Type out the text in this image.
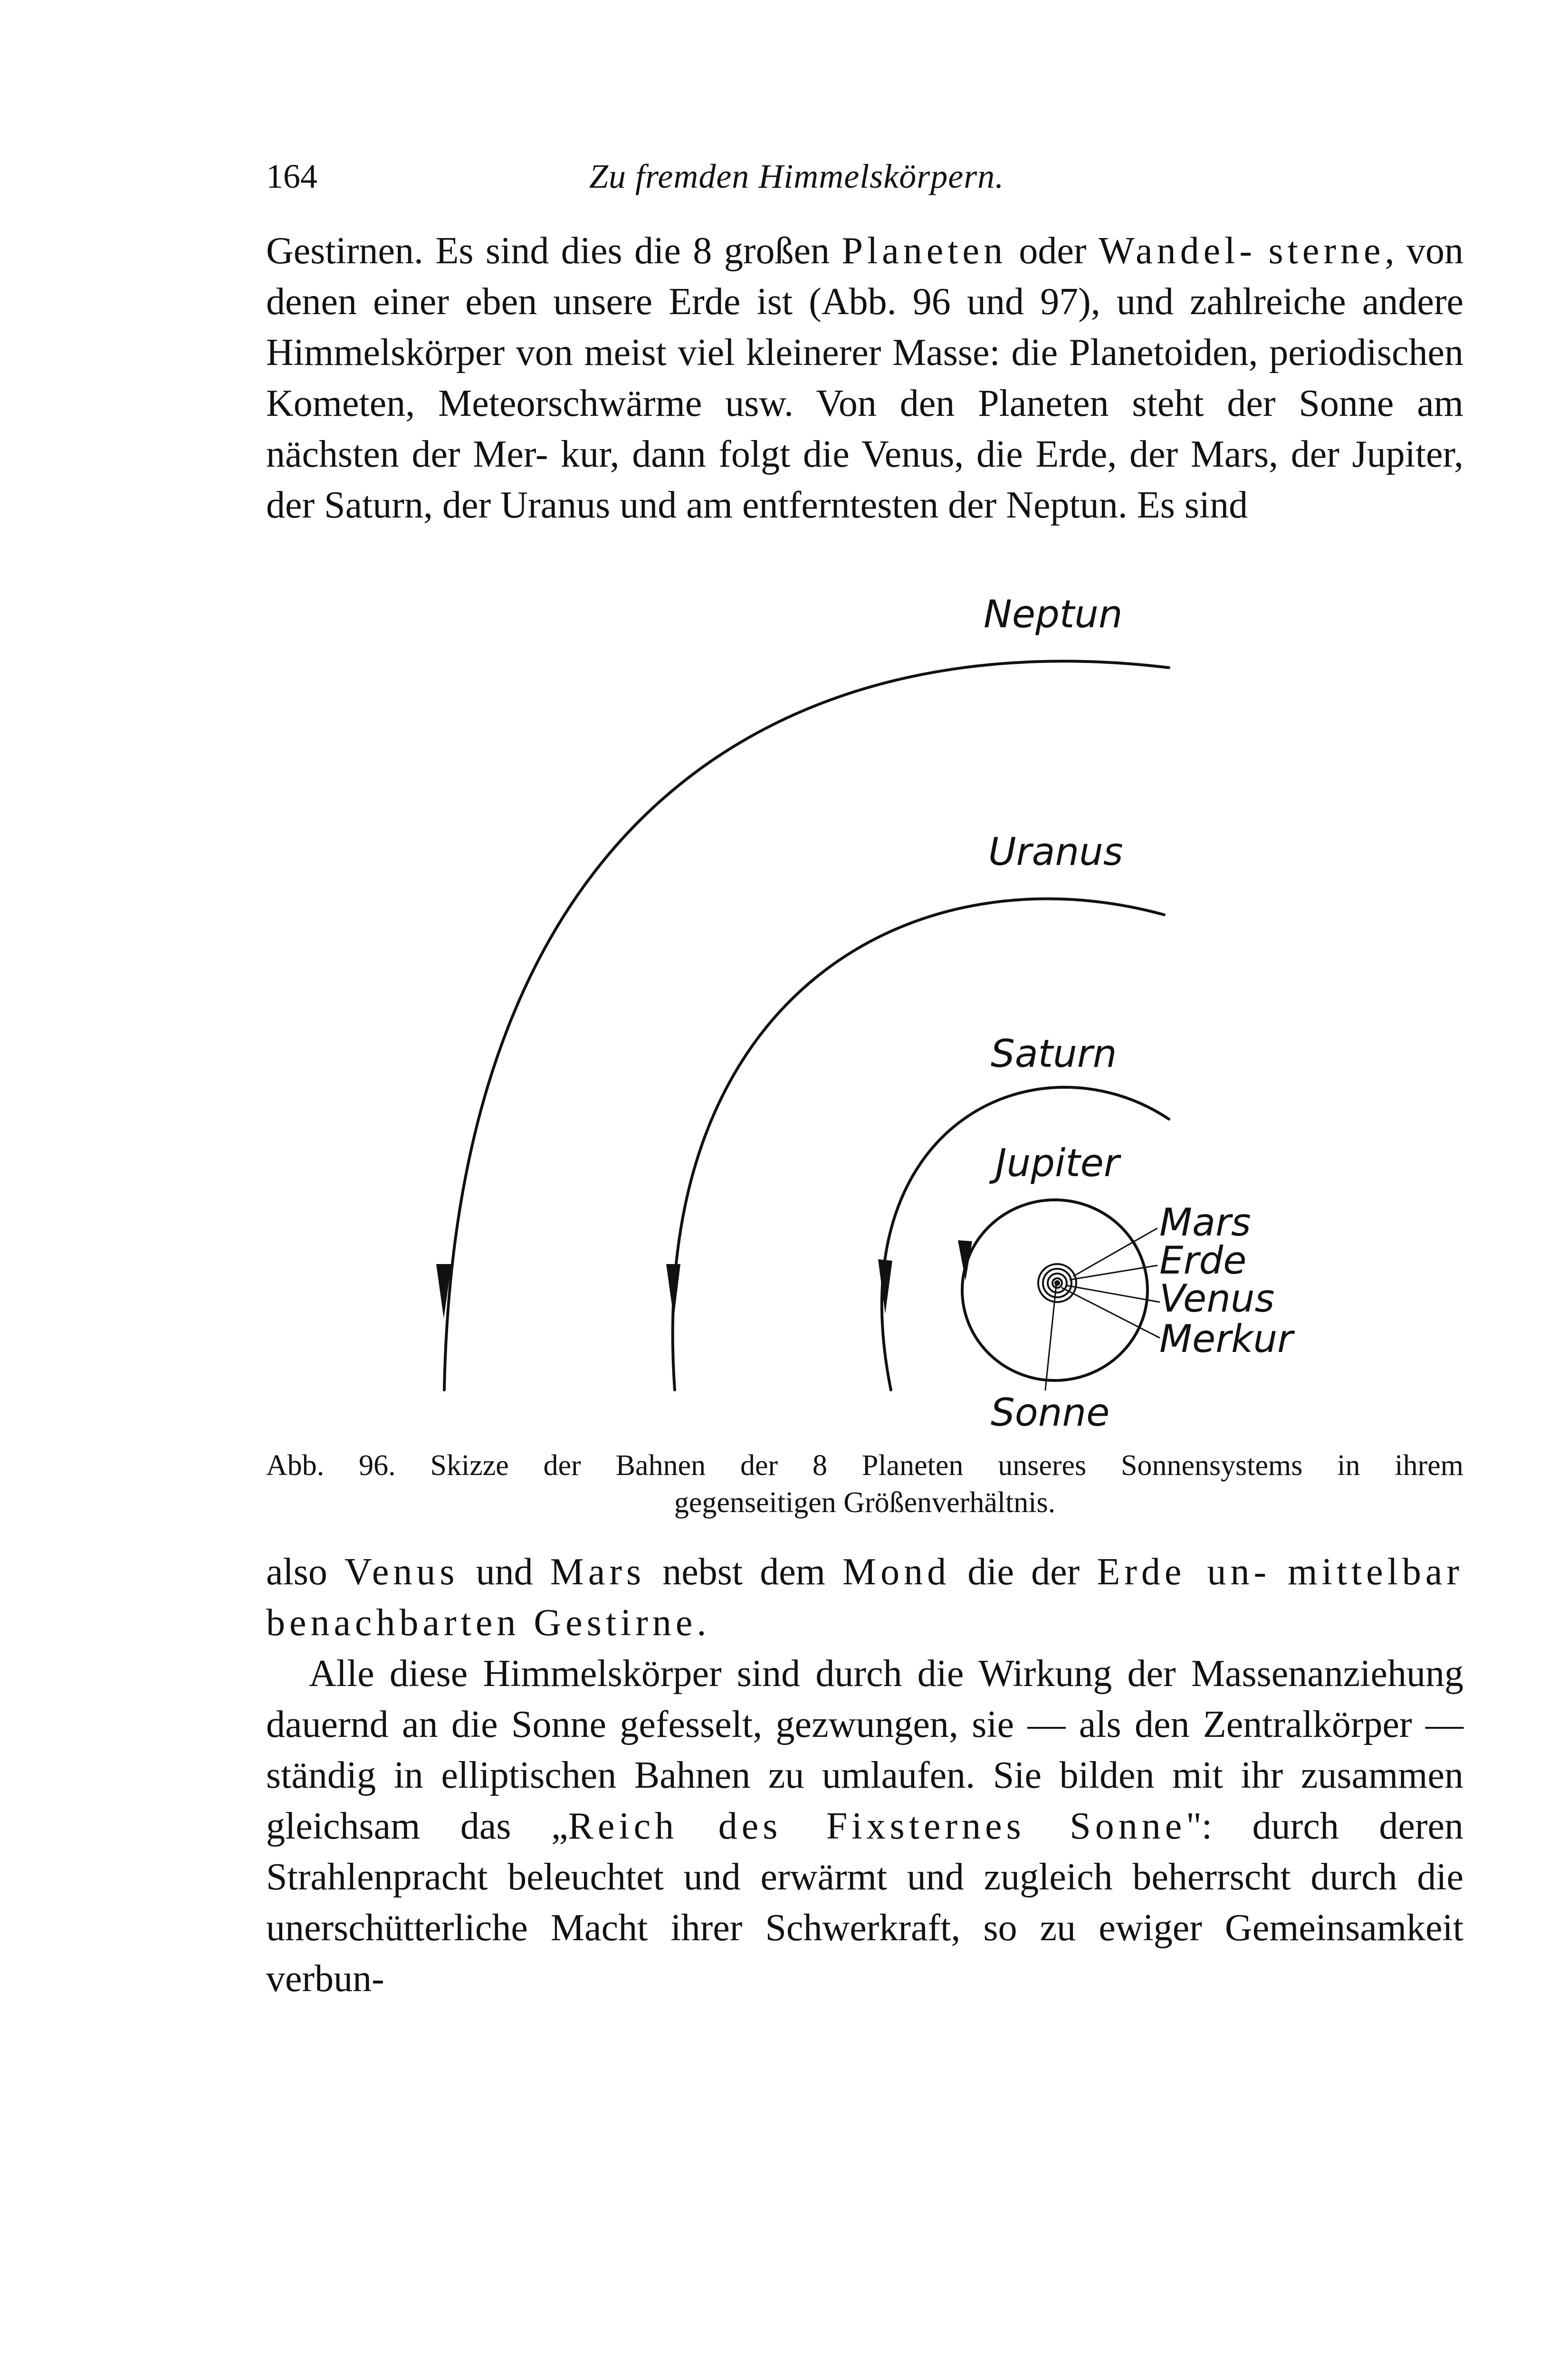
164	Zu fremden Himmelskörpern.

Gestirnen. Es sind dies die 8 großen Planeten oder Wandel- sterne, von denen einer eben unsere Erde ist (Abb. 96 und 97), und zahlreiche andere Himmelskörper von meist viel kleinerer Masse: die Planetoiden, periodischen Kometen, Meteorschwärme usw. Von den Planeten steht der Sonne am nächsten der Mer- kur, dann folgt die Venus, die Erde, der Mars, der Jupiter, der Saturn, der Uranus und am entferntesten der Neptun. Es sind

Neptun
Uranus
Saturn
Jupiter
Mars
Erde
Venus
Merkur
Sonne
Abb. 96. Skizze der Bahnen der 8 Planeten unseres Sonnensystems in ihrem
gegenseitigen Größenverhältnis.

also Venus und Mars nebst dem Mond die der Erde un- mittelbar benachbarten Gestirne.

Alle diese Himmelskörper sind durch die Wirkung der Massenanziehung dauernd an die Sonne gefesselt, gezwungen, sie — als den Zentralkörper — ständig in elliptischen Bahnen zu umlaufen. Sie bilden mit ihr zusammen gleichsam das „Reich des Fixsternes Sonne": durch deren Strahlenpracht beleuchtet und erwärmt und zugleich beherrscht durch die unerschütterliche Macht ihrer Schwerkraft, so zu ewiger Gemeinsamkeit verbun-
